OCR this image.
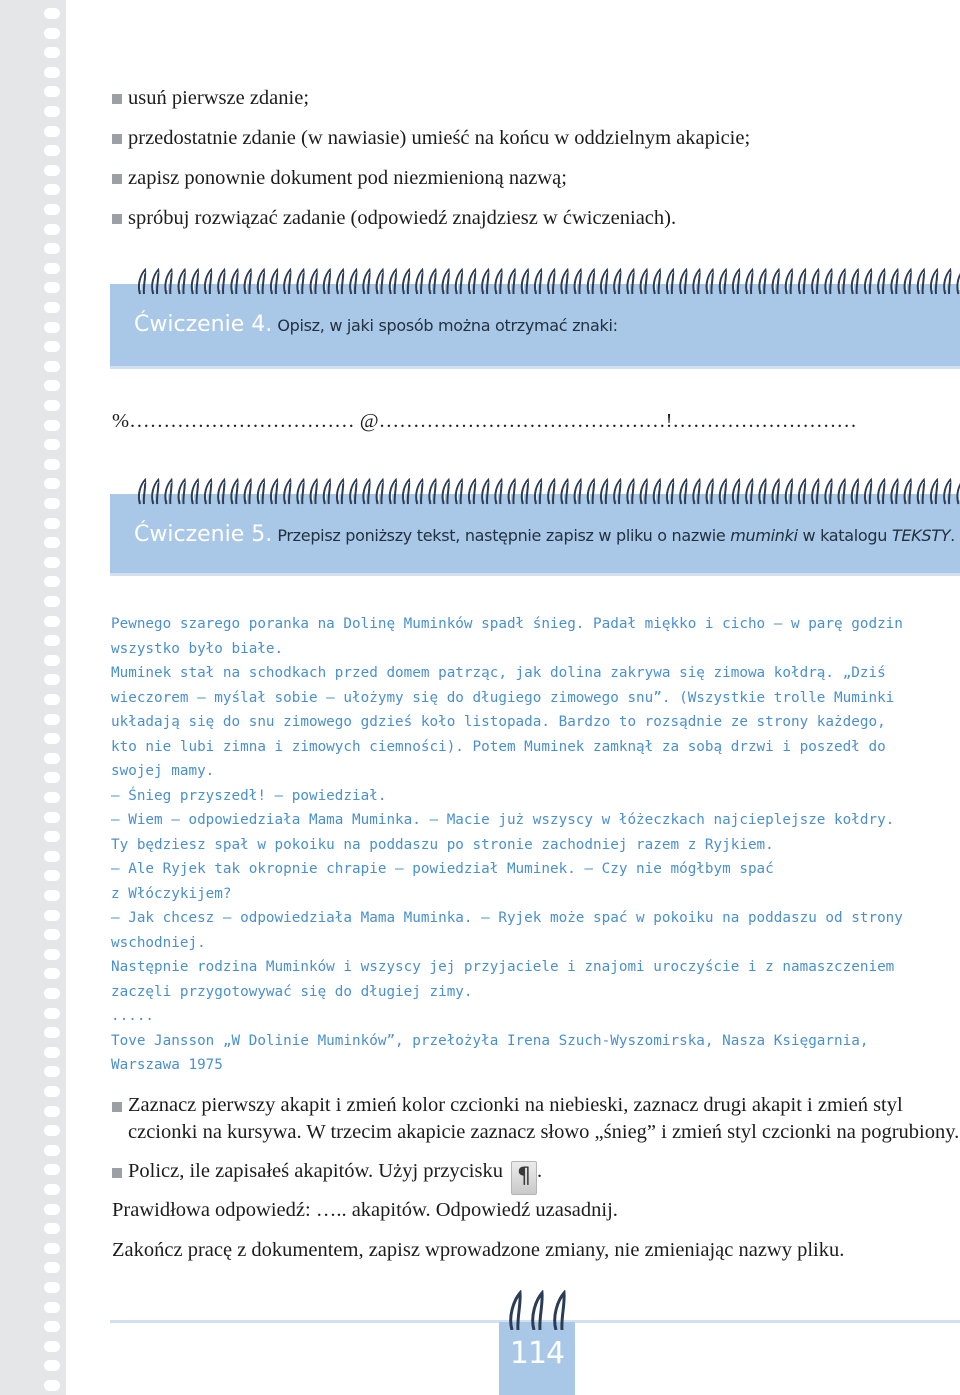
usuń pierwsze zdanie;
przedostatnie zdanie (w nawiasie) umieść na końcu w oddzielnym akapicie;
zapisz ponownie dokument pod niezmienioną nazwą;
spróbuj rozwiązać zadanie (odpowiedź znajdziesz w ćwiczeniach).
Ćwiczenie 4. Opisz, w jaki sposób można otrzymać znaki:
%…………………………… @……………………………………!………………………
Ćwiczenie 5. Przepisz poniższy tekst, następnie zapisz w pliku o nazwie muminki w katalogu TEKSTY.
Pewnego szarego poranka na Dolinę Muminków spadł śnieg. Padał miękko i cicho – w parę godzin
wszystko było białe.
Muminek stał na schodkach przed domem patrząc, jak dolina zakrywa się zimowa kołdrą. „Dziś
wieczorem – myślał sobie – ułożymy się do długiego zimowego snu”. (Wszystkie trolle Muminki
układają się do snu zimowego gdzieś koło listopada. Bardzo to rozsądnie ze strony każdego,
kto nie lubi zimna i zimowych ciemności). Potem Muminek zamknął za sobą drzwi i poszedł do
swojej mamy.
– Śnieg przyszedł! – powiedział.
– Wiem – odpowiedziała Mama Muminka. – Macie już wszyscy w łóżeczkach najcieplejsze kołdry.
Ty będziesz spał w pokoiku na poddaszu po stronie zachodniej razem z Ryjkiem.
– Ale Ryjek tak okropnie chrapie – powiedział Muminek. – Czy nie mógłbym spać
z Włóczykijem?
– Jak chcesz – odpowiedziała Mama Muminka. – Ryjek może spać w pokoiku na poddaszu od strony
wschodniej.
Następnie rodzina Muminków i wszyscy jej przyjaciele i znajomi uroczyście i z namaszczeniem
zaczęli przygotowywać się do długiej zimy.
.....
Tove Jansson „W Dolinie Muminków”, przełożyła Irena Szuch-Wyszomirska, Nasza Księgarnia,
Warszawa 1975
Zaznacz pierwszy akapit i zmień kolor czcionki na niebieski, zaznacz drugi akapit i zmień styl czcionki na kursywa. W trzecim akapicie zaznacz słowo „śnieg” i zmień styl czcionki na pogrubiony.
Policz, ile zapisałeś akapitów. Użyj przycisku ¶ .
Prawidłowa odpowiedź: ….. akapitów. Odpowiedź uzasadnij.
Zakończ pracę z dokumentem, zapisz wprowadzone zmiany, nie zmieniając nazwy pliku.
114
